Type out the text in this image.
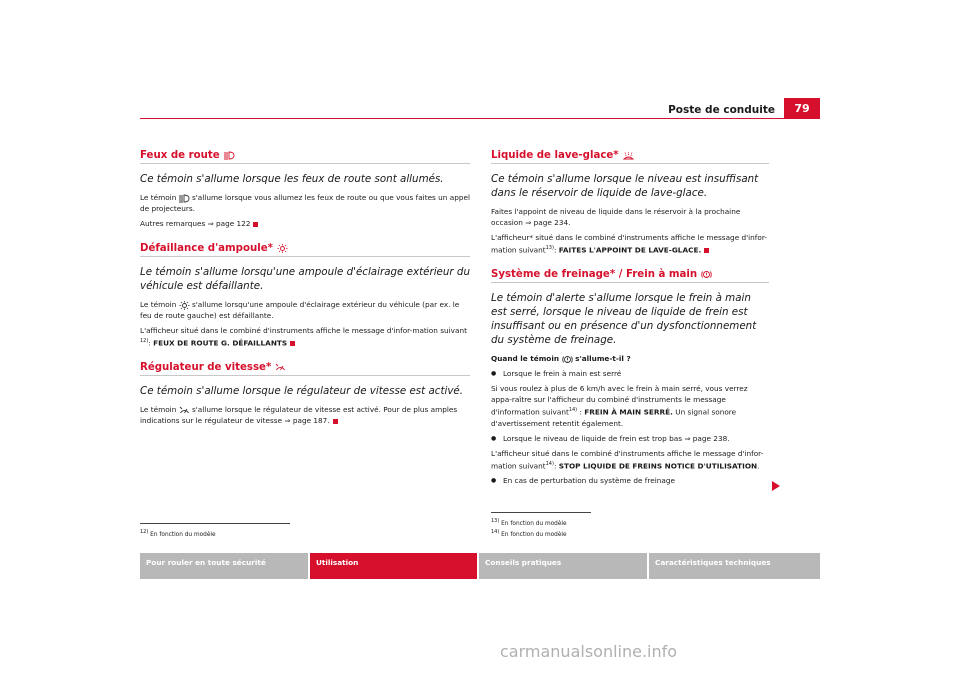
Poste de conduite	79
Feux de route
Ce témoin s'allume lorsque les feux de route sont allumés.

Le témoin s'allume lorsque vous allumez les feux de route ou que vous faites un appel de projecteurs.

Autres remarques ⇒ page 122

Défaillance d'ampoule*
Le témoin s'allume lorsqu'une ampoule d'éclairage extérieur du véhicule est défaillante.

Le témoin s'allume lorsqu'une ampoule d'éclairage extérieur du véhicule (par ex. le feu de route gauche) est défaillante.

L'afficheur situé dans le combiné d'instruments affiche le message d'infor-mation suivant $^{12)}$: FEUX DE ROUTE G. DÉFAILLANTS

Régulateur de vitesse*
Ce témoin s'allume lorsque le régulateur de vitesse est activé.

Le témoin s'allume lorsque le régulateur de vitesse est activé. Pour de plus amples indications sur le régulateur de vitesse ⇒ page 187.

$^{12)}$ En fonction du modèle
Liquide de lave-glace*
Ce témoin s'allume lorsque le niveau est insuffisant dans le réservoir de liquide de lave-glace.

Faites l'appoint de niveau de liquide dans le réservoir à la prochaine occasion ⇒ page 234.

L'afficheur* situé dans le combiné d'instruments affiche le message d'infor-mation suivant$^{13)}$: FAITES L'APPOINT DE LAVE-GLACE.

Système de freinage* / Frein à main
Le témoin d'alerte s'allume lorsque le frein à main est serré, lorsque le niveau de liquide de frein est insuffisant ou en présence d'un dysfonctionnement du système de freinage.

Quand le témoin s'allume-t-il ?

● Lorsque le frein à main est serré

Si vous roulez à plus de 6 km/h avec le frein à main serré, vous verrez appa-raître sur l'afficheur du combiné d'instruments le message d'information suivant$^{14)}$ : FREIN À MAIN SERRÉ. Un signal sonore d'avertissement retentit également.

● Lorsque le niveau de liquide de frein est trop bas ⇒ page 238.

L'afficheur situé dans le combiné d'instruments affiche le message d'infor-mation suivant$^{14)}$: STOP LIQUIDE DE FREINS NOTICE D'UTILISATION.

● En cas de perturbation du système de freinage

$^{13)}$ En fonction du modèle
$^{14)}$ En fonction du modèle
Pour rouler en toute sécurité	Utilisation	Conseils pratiques	Caractéristiques techniques
carmanualsonline.info
